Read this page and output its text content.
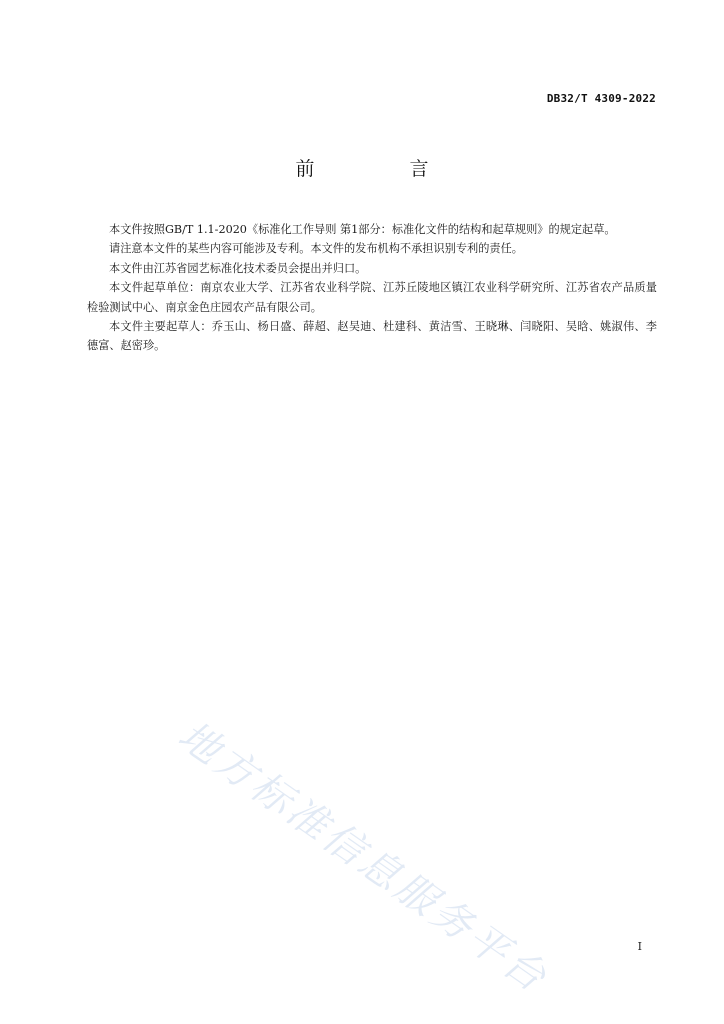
DB32/T 4309-2022
前　言

本文件按照GB/T 1.1-2020《标准化工作导则 第1部分：标准化文件的结构和起草规则》的规定起草。

请注意本文件的某些内容可能涉及专利。本文件的发布机构不承担识别专利的责任。

本文件由江苏省园艺标准化技术委员会提出并归口。

本文件起草单位：南京农业大学、江苏省农业科学院、江苏丘陵地区镇江农业科学研究所、江苏省农产品质量检验测试中心、南京金色庄园农产品有限公司。

本文件主要起草人：乔玉山、杨日盛、薛超、赵吴迪、杜建科、黄洁雪、王晓琳、闫晓阳、吴晗、姚淑伟、李德富、赵密珍。

地方标准信息服务平台	I
